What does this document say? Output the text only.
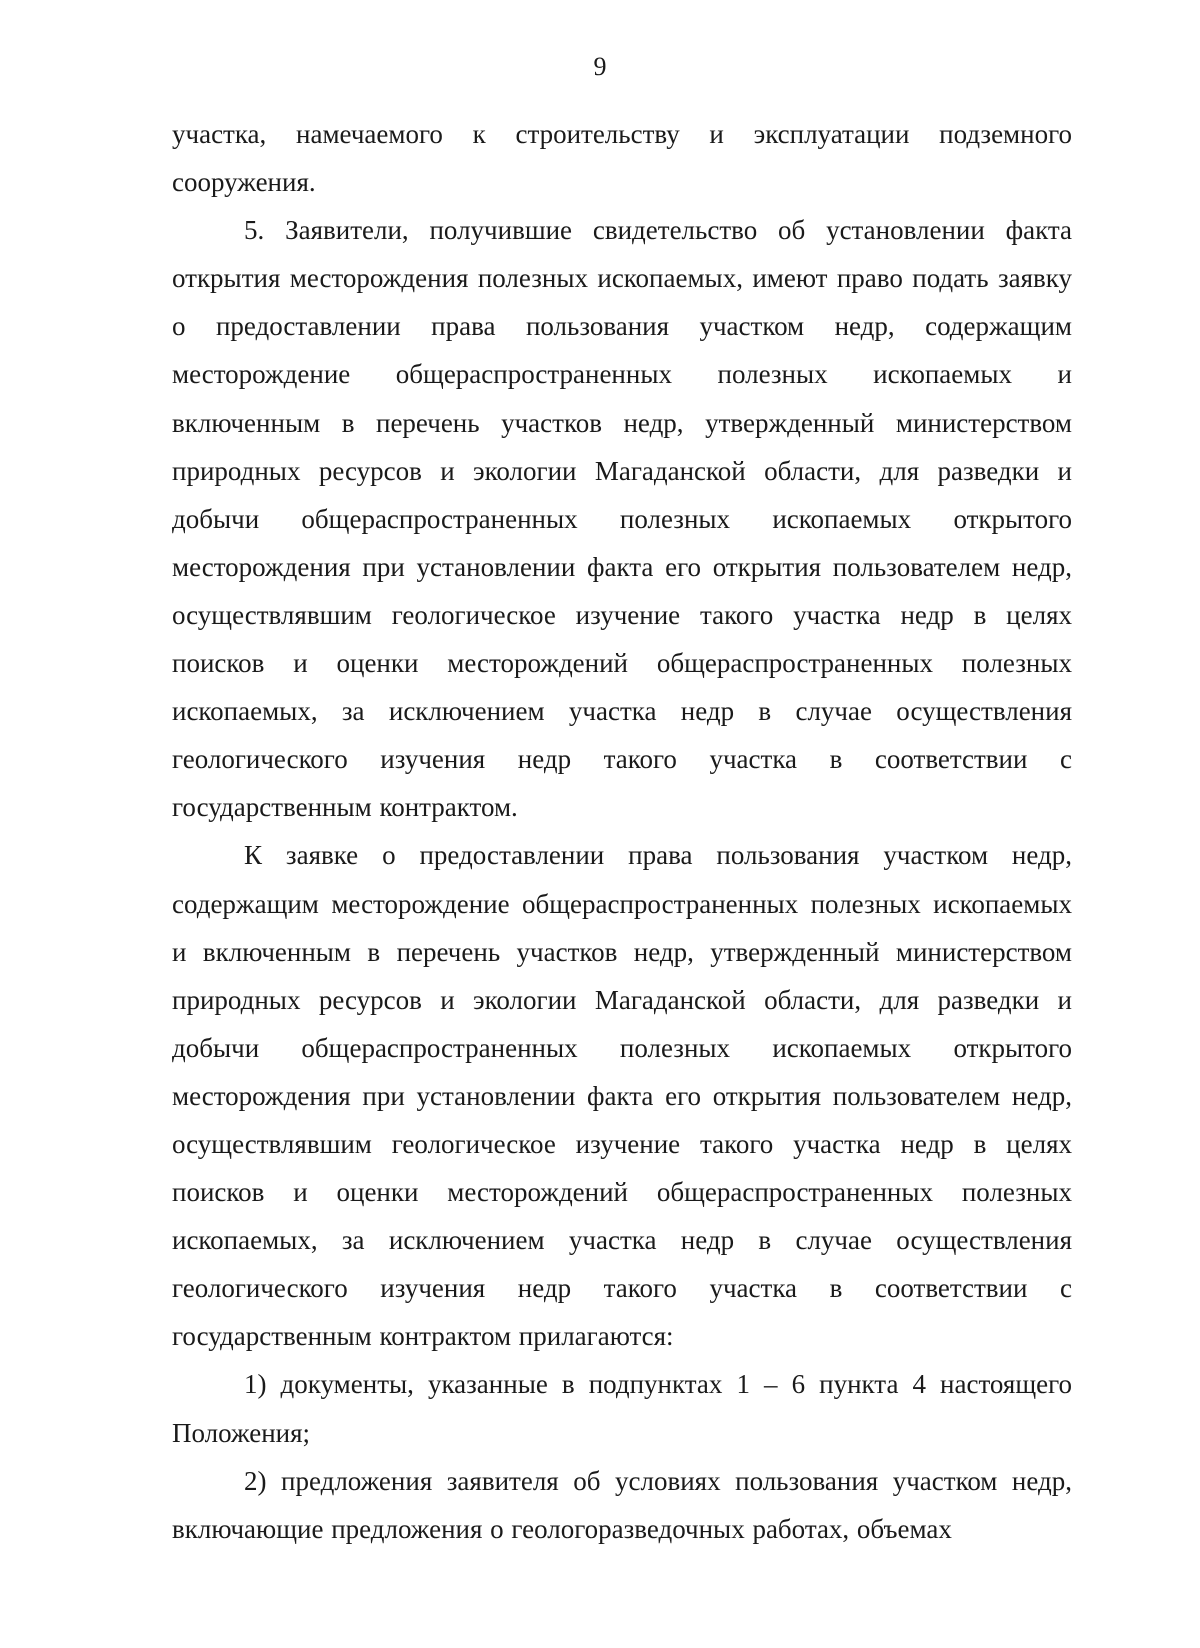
9

участка, намечаемого к строительству и эксплуатации подземного сооружения.

5. Заявители, получившие свидетельство об установлении факта открытия месторождения полезных ископаемых, имеют право подать заявку о предоставлении права пользования участком недр, содержащим месторождение общераспространенных полезных ископаемых и включенным в перечень участков недр, утвержденный министерством природных ресурсов и экологии Магаданской области, для разведки и добычи общераспространенных полезных ископаемых открытого месторождения при установлении факта его открытия пользователем недр, осуществлявшим геологическое изучение такого участка недр в целях поисков и оценки месторождений общераспространенных полезных ископаемых, за исключением участка недр в случае осуществления геологического изучения недр такого участка в соответствии с государственным контрактом.

К заявке о предоставлении права пользования участком недр, содержащим месторождение общераспространенных полезных ископаемых и включенным в перечень участков недр, утвержденный министерством природных ресурсов и экологии Магаданской области, для разведки и добычи общераспространенных полезных ископаемых открытого месторождения при установлении факта его открытия пользователем недр, осуществлявшим геологическое изучение такого участка недр в целях поисков и оценки месторождений общераспространенных полезных ископаемых, за исключением участка недр в случае осуществления геологического изучения недр такого участка в соответствии с государственным контрактом прилагаются:

1) документы, указанные в подпунктах 1 – 6 пункта 4 настоящего Положения;

2) предложения заявителя об условиях пользования участком недр, включающие предложения о геологоразведочных работах, объемах
